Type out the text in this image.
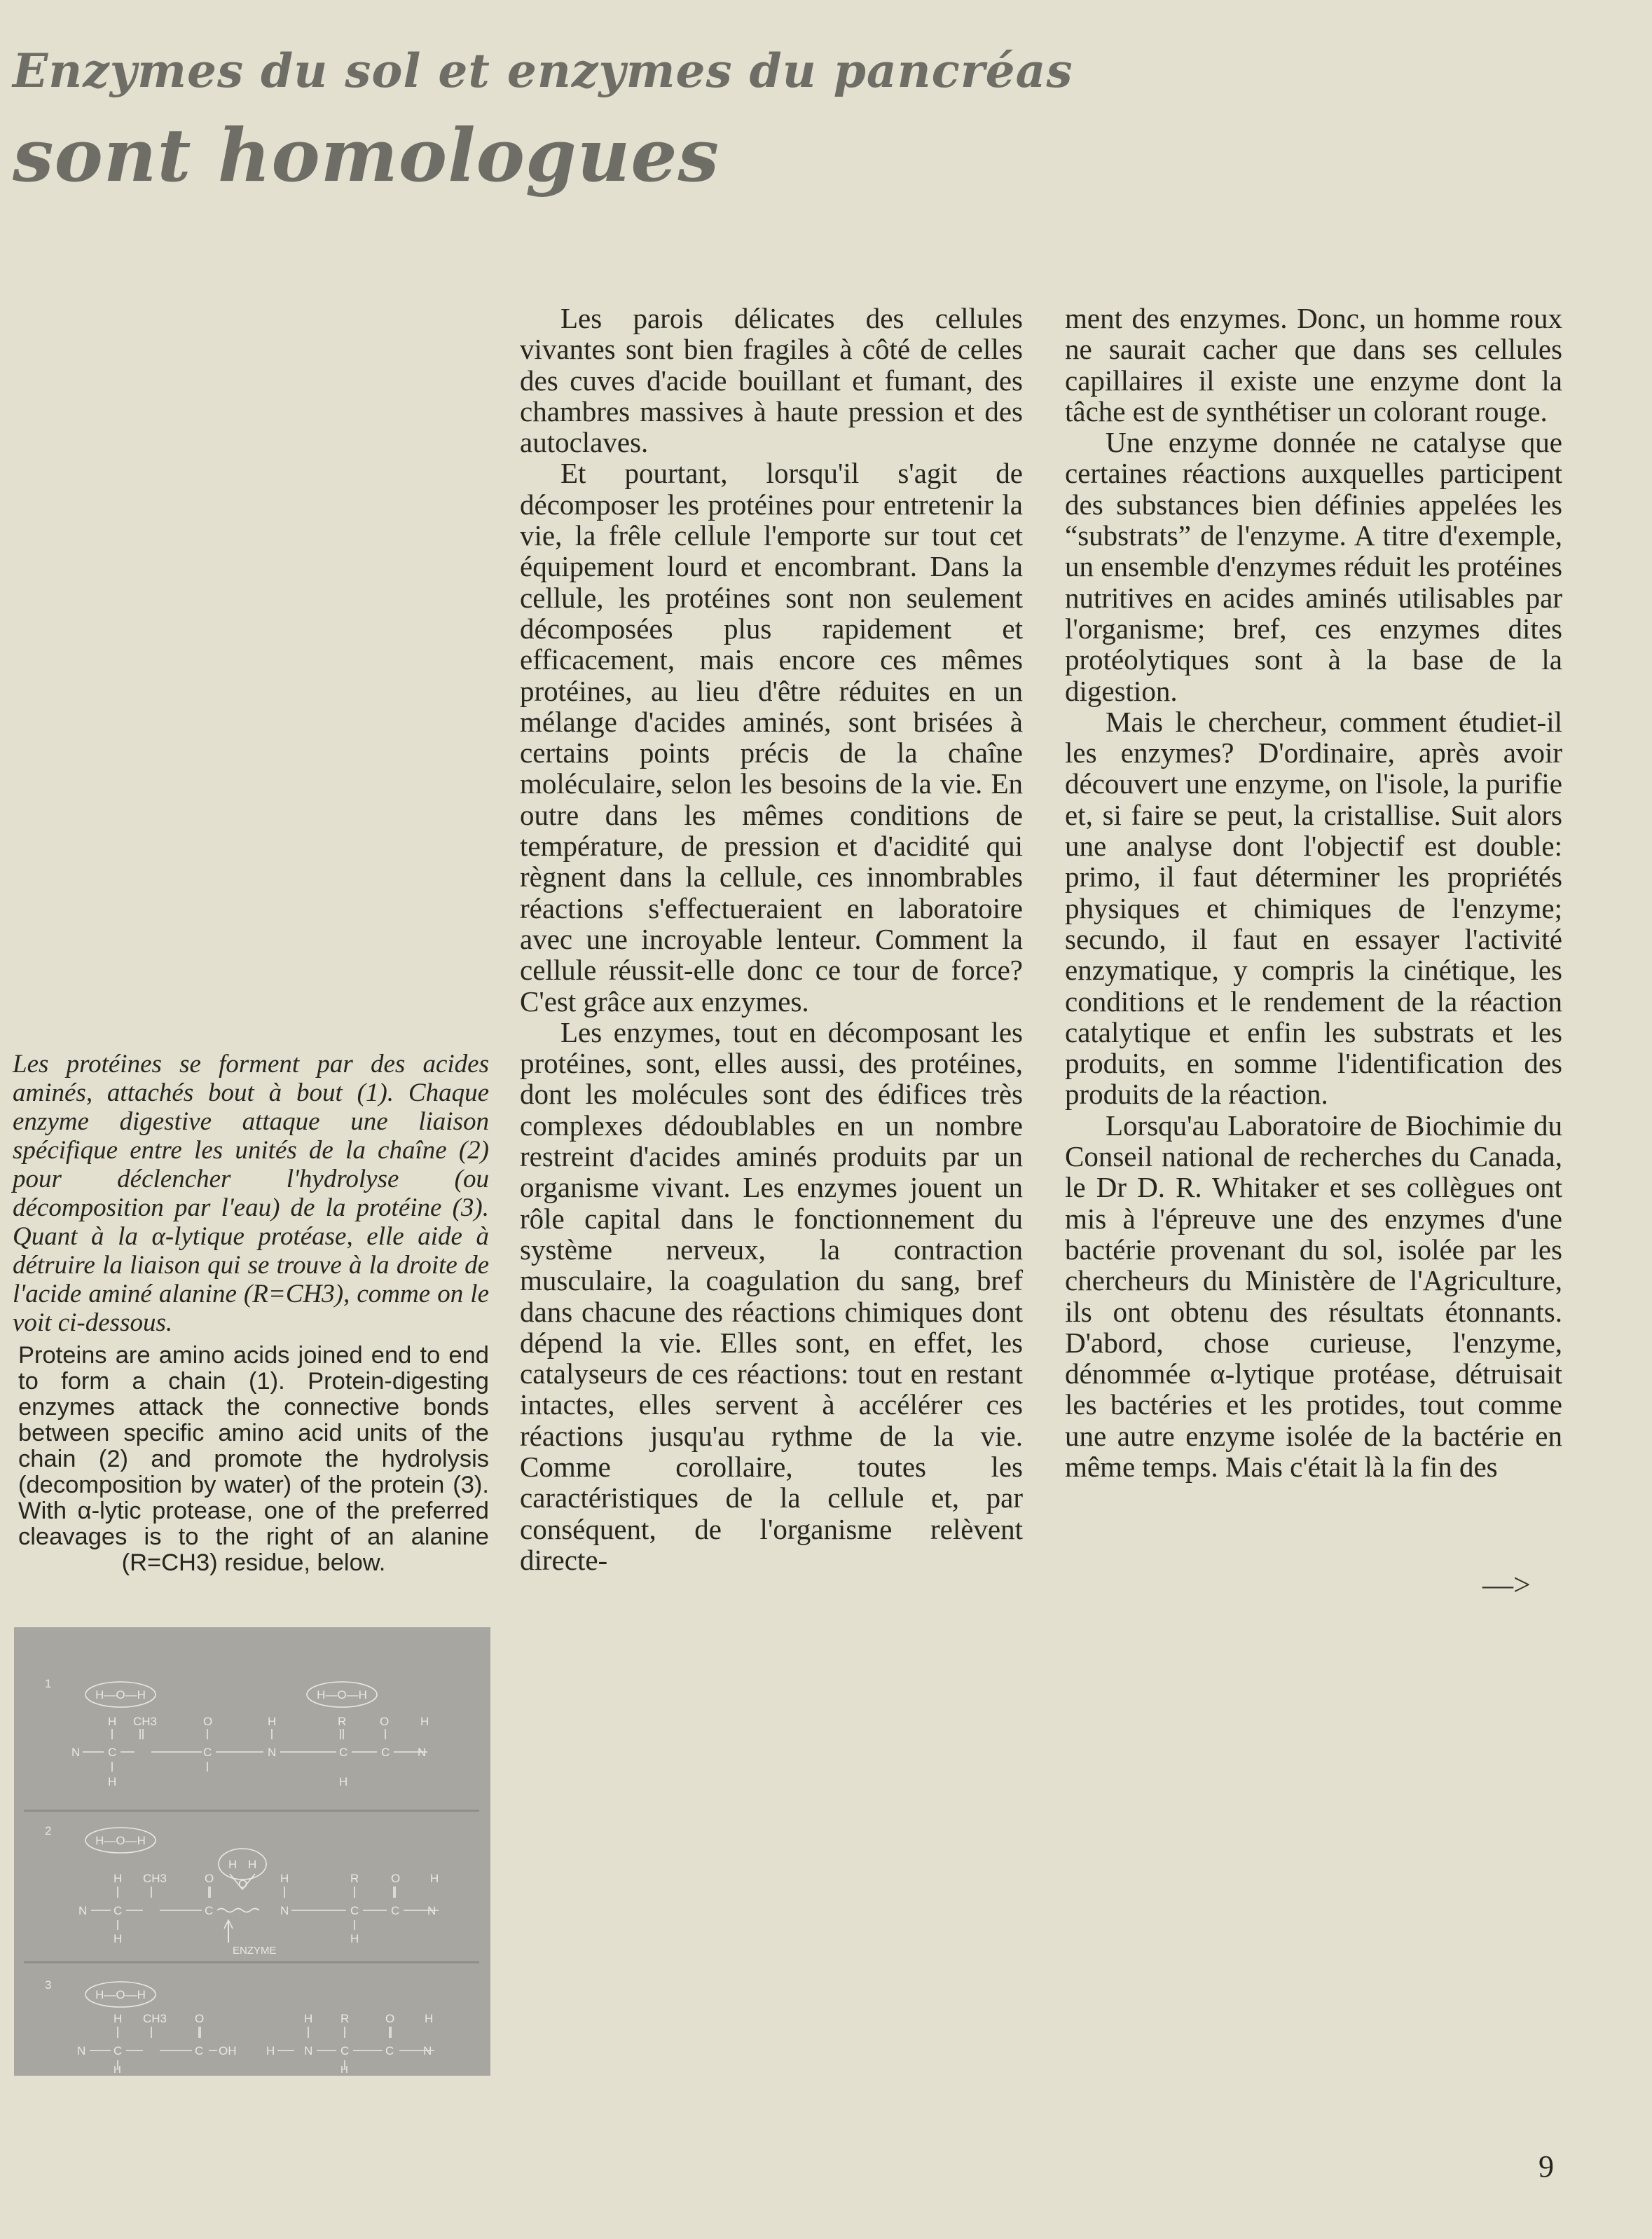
Enzymes du sol et enzymes du pancréas
sont homologues

Les protéines se forment par des acides aminés, attachés bout à bout (1). Chaque enzyme digestive attaque une liaison spécifique entre les unités de la chaîne (2) pour déclencher l'hydrolyse (ou décomposition par l'eau) de la protéine (3). Quant à la α-lytique protéase, elle aide à détruire la liaison qui se trouve à la droite de l'acide aminé alanine (R=CH3), comme on le voit ci-dessous.

Proteins are amino acids joined end to end to form a chain (1). Protein-digesting enzymes attack the connective bonds between specific amino acid units of the chain (2) and promote the hydrolysis (decomposition by water) of the protein (3). With α-lytic protease, one of the preferred cleavages is to the right of an alanine (R=CH3) residue, below.

1
2
3
H—O—H	H—O—H
H—O—H
H—O—H
H CH3	O	H	R	O	H
N C	C	N	C	C N
H	H
H CH3	O
H H
O	H	R	O	H
N C	C	N	C	C N
H	H
ENZYME
H CH3 O	H R	O	H
N C	C OH	H N C	C N
H	H

Les parois délicates des cellules vivantes sont bien fragiles à côté de celles des cuves d'acide bouillant et fumant, des chambres massives à haute pression et des autoclaves.

Et pourtant, lorsqu'il s'agit de décomposer les protéines pour entretenir la vie, la frêle cellule l'emporte sur tout cet équipement lourd et encombrant. Dans la cellule, les protéines sont non seulement décomposées plus rapidement et efficacement, mais encore ces mêmes protéines, au lieu d'être réduites en un mélange d'acides aminés, sont brisées à certains points précis de la chaîne moléculaire, selon les besoins de la vie. En outre dans les mêmes conditions de température, de pression et d'acidité qui règnent dans la cellule, ces innombrables réactions s'effectueraient en laboratoire avec une incroyable lenteur. Comment la cellule réussit-elle donc ce tour de force? C'est grâce aux enzymes.

Les enzymes, tout en décomposant les protéines, sont, elles aussi, des protéines, dont les molécules sont des édifices très complexes dédoublables en un nombre restreint d'acides aminés produits par un organisme vivant. Les enzymes jouent un rôle capital dans le fonctionnement du système nerveux, la contraction musculaire, la coagulation du sang, bref dans chacune des réactions chimiques dont dépend la vie. Elles sont, en effet, les catalyseurs de ces réactions: tout en restant intactes, elles servent à accélérer ces réactions jusqu'au rythme de la vie. Comme corollaire, toutes les caractéristiques de la cellule et, par conséquent, de l'organisme relèvent directe-

ment des enzymes. Donc, un homme roux ne saurait cacher que dans ses cellules capillaires il existe une enzyme dont la tâche est de synthétiser un colorant rouge.

Une enzyme donnée ne catalyse que certaines réactions auxquelles participent des substances bien définies appelées les “substrats” de l'enzyme. A titre d'exemple, un ensemble d'enzymes réduit les protéines nutritives en acides aminés utilisables par l'organisme; bref, ces enzymes dites protéolytiques sont à la base de la digestion.

Mais le chercheur, comment étudiet-il les enzymes? D'ordinaire, après avoir découvert une enzyme, on l'isole, la purifie et, si faire se peut, la cristallise. Suit alors une analyse dont l'objectif est double: primo, il faut déterminer les propriétés physiques et chimiques de l'enzyme; secundo, il faut en essayer l'activité enzymatique, y compris la cinétique, les conditions et le rendement de la réaction catalytique et enfin les substrats et les produits, en somme l'identification des produits de la réaction.

Lorsqu'au Laboratoire de Biochimie du Conseil national de recherches du Canada, le Dr D. R. Whitaker et ses collègues ont mis à l'épreuve une des enzymes d'une bactérie provenant du sol, isolée par les chercheurs du Ministère de l'Agriculture, ils ont obtenu des résultats étonnants. D'abord, chose curieuse, l'enzyme, dénommée α-lytique protéase, détruisait les bactéries et les protides, tout comme une autre enzyme isolée de la bactérie en même temps. Mais c'était là la fin des

—>

9
